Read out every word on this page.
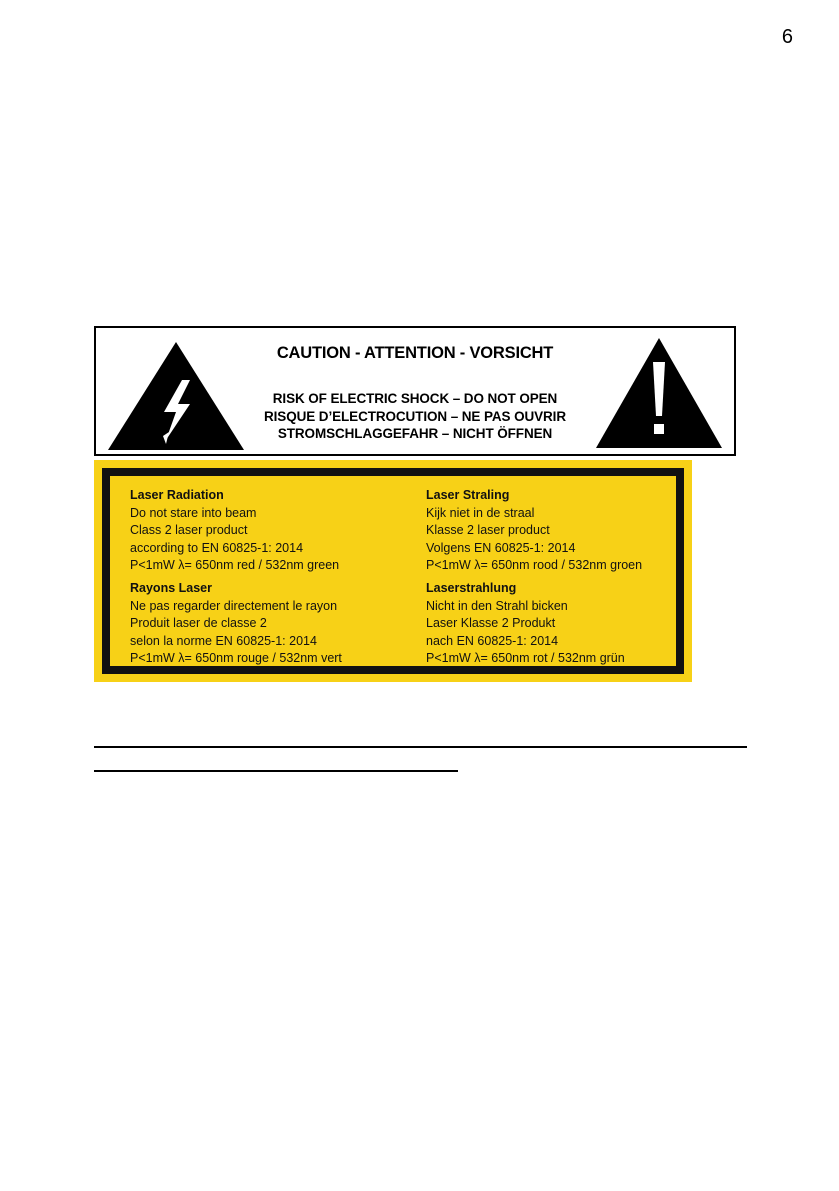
6
CAUTION - ATTENTION - VORSICHT
RISK OF ELECTRIC SHOCK – DO NOT OPEN
RISQUE D’ELECTROCUTION – NE PAS OUVRIR
STROMSCHLAGGEFAHR – NICHT ÖFFNEN
Laser Radiation
Do not stare into beam
Class 2 laser product
according to EN 60825-1: 2014
P<1mW λ= 650nm red / 532nm green
Laser Straling
Kijk niet in de straal
Klasse 2 laser product
Volgens EN 60825-1: 2014
P<1mW λ= 650nm rood / 532nm groen
Rayons Laser
Ne pas regarder directement le rayon
Produit laser de classe 2
selon la norme EN 60825-1: 2014
P<1mW λ= 650nm rouge / 532nm vert
Laserstrahlung
Nicht in den Strahl bicken
Laser Klasse 2 Produkt
nach EN 60825-1: 2014
P<1mW λ= 650nm rot / 532nm grün
